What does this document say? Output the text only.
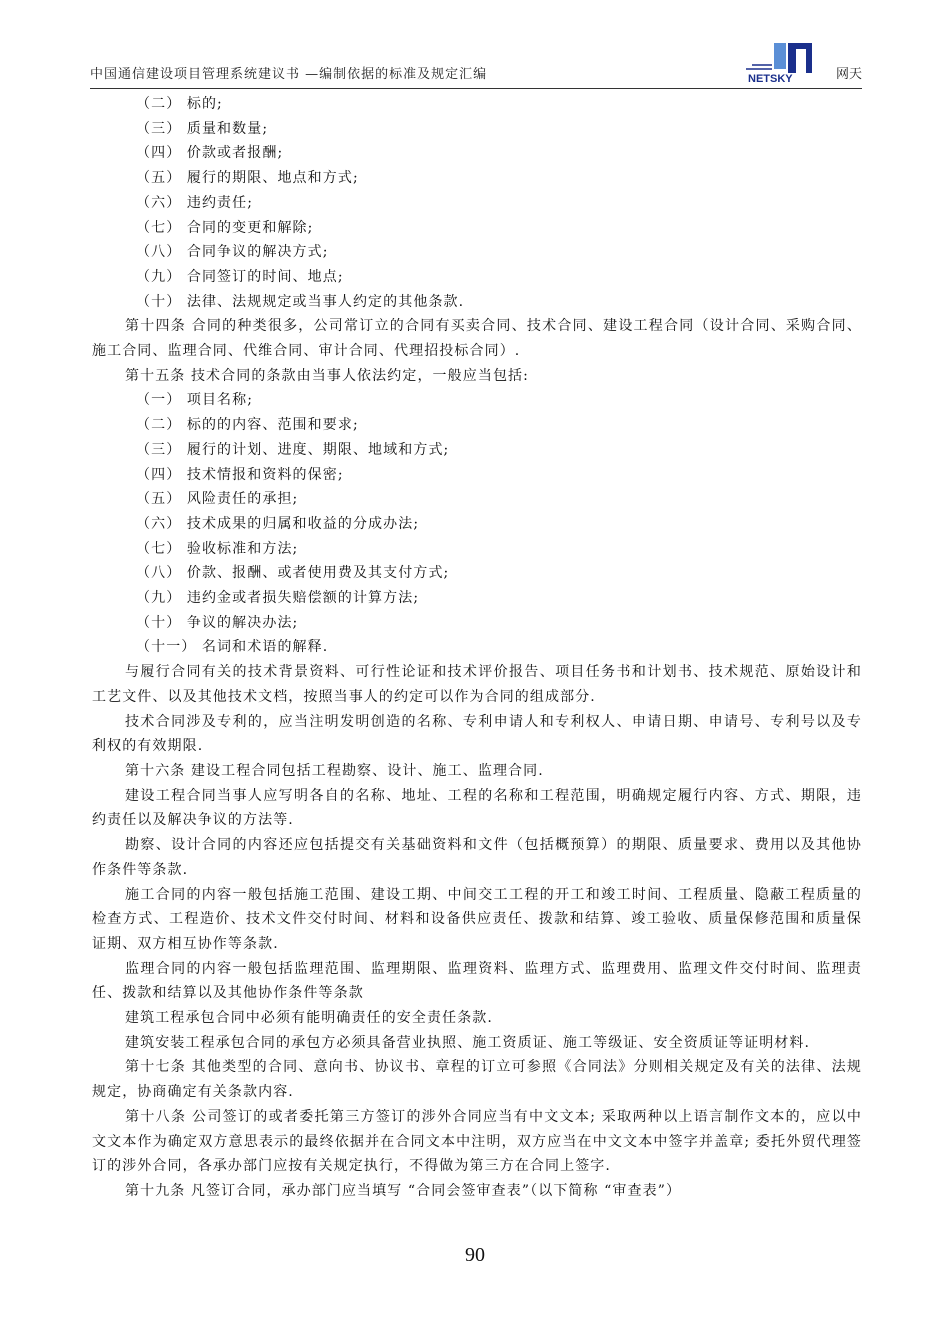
中国通信建设项目管理系统建议书 —编制依据的标准及规定汇编	NETSKY	网天

（二） 标的;

（三） 质量和数量;

（四） 价款或者报酬;

（五） 履行的期限、地点和方式;

（六） 违约责任;

（七） 合同的变更和解除;

（八） 合同争议的解决方式;

（九） 合同签订的时间、地点;

（十） 法律、法规规定或当事人约定的其他条款.

第十四条 合同的种类很多，公司常订立的合同有买卖合同、技术合同、建设工程合同（设计合同、采购合同、施工合同、监理合同、代维合同、审计合同、代理招投标合同）.

第十五条 技术合同的条款由当事人依法约定，一般应当包括:

（一） 项目名称;

（二） 标的的内容、范围和要求;

（三） 履行的计划、进度、期限、地域和方式;

（四） 技术情报和资料的保密;

（五） 风险责任的承担;

（六） 技术成果的归属和收益的分成办法;

（七） 验收标准和方法;

（八） 价款、报酬、或者使用费及其支付方式;

（九） 违约金或者损失赔偿额的计算方法;

（十） 争议的解决办法;

（十一） 名词和术语的解释.

与履行合同有关的技术背景资料、可行性论证和技术评价报告、项目任务书和计划书、技术规范、原始设计和工艺文件、以及其他技术文档，按照当事人的约定可以作为合同的组成部分.

技术合同涉及专利的，应当注明发明创造的名称、专利申请人和专利权人、申请日期、申请号、专利号以及专利权的有效期限.

第十六条 建设工程合同包括工程勘察、设计、施工、监理合同.

建设工程合同当事人应写明各自的名称、地址、工程的名称和工程范围，明确规定履行内容、方式、期限，违约责任以及解决争议的方法等.

勘察、设计合同的内容还应包括提交有关基础资料和文件（包括概预算）的期限、质量要求、费用以及其他协作条件等条款.

施工合同的内容一般包括施工范围、建设工期、中间交工工程的开工和竣工时间、工程质量、隐蔽工程质量的检查方式、工程造价、技术文件交付时间、材料和设备供应责任、拨款和结算、竣工验收、质量保修范围和质量保证期、双方相互协作等条款.

监理合同的内容一般包括监理范围、监理期限、监理资料、监理方式、监理费用、监理文件交付时间、监理责任、拨款和结算以及其他协作条件等条款

建筑工程承包合同中必须有能明确责任的安全责任条款.

建筑安装工程承包合同的承包方必须具备营业执照、施工资质证、施工等级证、安全资质证等证明材料.

第十七条 其他类型的合同、意向书、协议书、章程的订立可参照《合同法》分则相关规定及有关的法律、法规规定，协商确定有关条款内容.

第十八条 公司签订的或者委托第三方签订的涉外合同应当有中文文本; 采取两种以上语言制作文本的，应以中文文本作为确定双方意思表示的最终依据并在合同文本中注明，双方应当在中文文本中签字并盖章; 委托外贸代理签订的涉外合同，各承办部门应按有关规定执行，不得做为第三方在合同上签字.

第十九条 凡签订合同，承办部门应当填写 “合同会签审查表”（以下简称 “审查表”）

90
